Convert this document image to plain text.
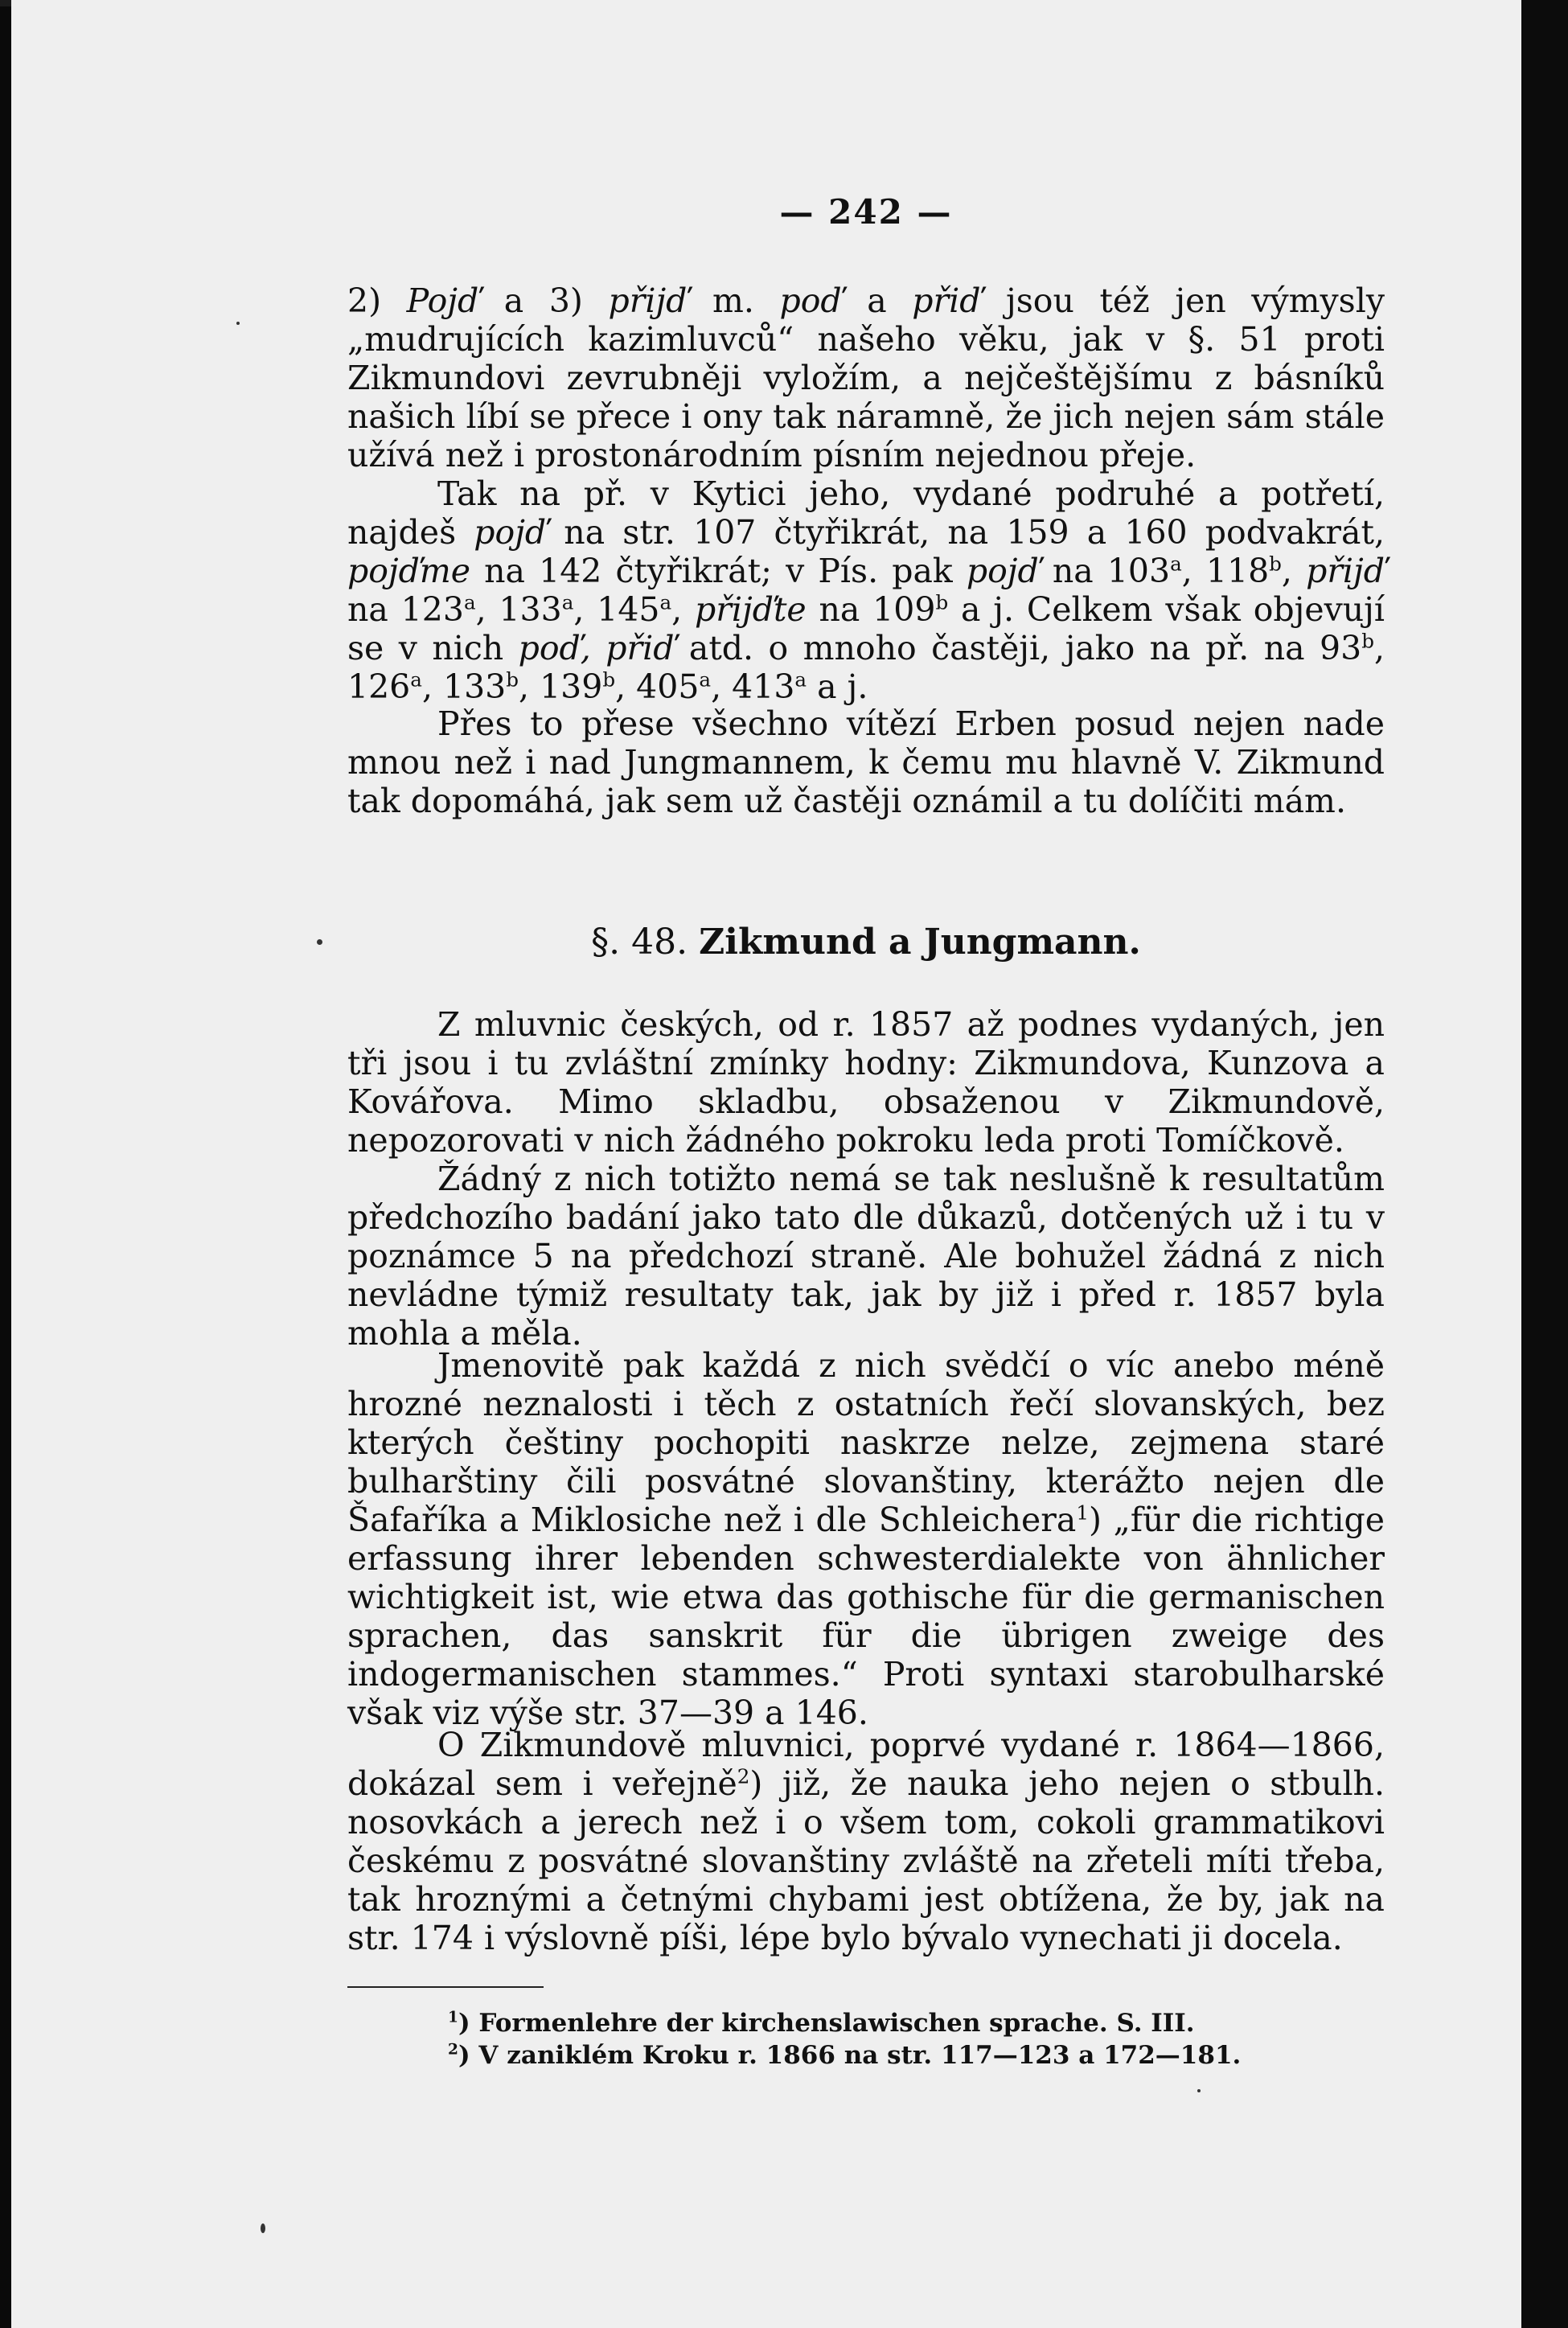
— 242 —

2) Pojď a 3) přijď m. poď a přiď jsou též jen výmysly „mudrujících kazimluvců“ našeho věku, jak v §. 51 proti Zikmundovi zevrubněji vyložím, a nejčeštějšímu z básníků našich líbí se přece i ony tak náramně, že jich nejen sám stále užívá než i prostonárodním písním nejednou přeje.

Tak na př. v Kytici jeho, vydané podruhé a potřetí, najdeš pojď na str. 107 čtyřikrát, na 159 a 160 podvakrát, pojďme na 142 čtyřikrát; v Pís. pak pojď na 103$^a$, 118$^b$, přijď na 123$^a$, 133$^a$, 145$^a$, přijďte na 109$^b$ a j. Celkem však objevují se v nich poď, přiď atd. o mnoho častěji, jako na př. na 93$^b$, 126$^a$, 133$^b$, 139$^b$, 405$^a$, 413$^a$ a j.

Přes to přese všechno vítězí Erben posud nejen nade mnou než i nad Jungmannem, k čemu mu hlavně V. Zikmund tak dopomáhá, jak sem už častěji oznámil a tu dolíčiti mám.

§. 48. Zikmund a Jungmann.

Z mluvnic českých, od r. 1857 až podnes vydaných, jen tři jsou i tu zvláštní zmínky hodny: Zikmundova, Kunzova a Kovářova. Mimo skladbu, obsaženou v Zikmundově, nepozorovati v nich žádného pokroku leda proti Tomíčkově.

Žádný z nich totižto nemá se tak neslušně k resultatům předchozího badání jako tato dle důkazů, dotčených už i tu v poznámce 5 na předchozí straně. Ale bohužel žádná z nich nevládne týmiž resultaty tak, jak by již i před r. 1857 byla mohla a měla.

Jmenovitě pak každá z nich svědčí o víc anebo méně hrozné neznalosti i těch z ostatních řečí slovanských, bez kterých češtiny pochopiti naskrze nelze, zejmena staré bulharštiny čili posvátné slovanštiny, kterážto nejen dle Šafaříka a Miklosiche než i dle Schleichera$^1$) „für die richtige erfassung ihrer lebenden schwesterdialekte von ähnlicher wichtigkeit ist, wie etwa das gothische für die germanischen sprachen, das sanskrit für die übrigen zweige des indogermanischen stammes.“ Proti syntaxi starobulharské však viz výše str. 37—39 a 146.

O Zikmundově mluvnici, poprvé vydané r. 1864—1866, dokázal sem i veřejně$^2$) již, že nauka jeho nejen o stbulh. nosovkách a jerech než i o všem tom, cokoli grammatikovi českému z posvátné slovanštiny zvláště na zřeteli míti třeba, tak hroznými a četnými chybami jest obtížena, že by, jak na str. 174 i výslovně píši, lépe bylo bývalo vynechati ji docela.

$^1$) Formenlehre der kirchenslawischen sprache. S. III.
$^2$) V zaniklém Kroku r. 1866 na str. 117—123 a 172—181.
